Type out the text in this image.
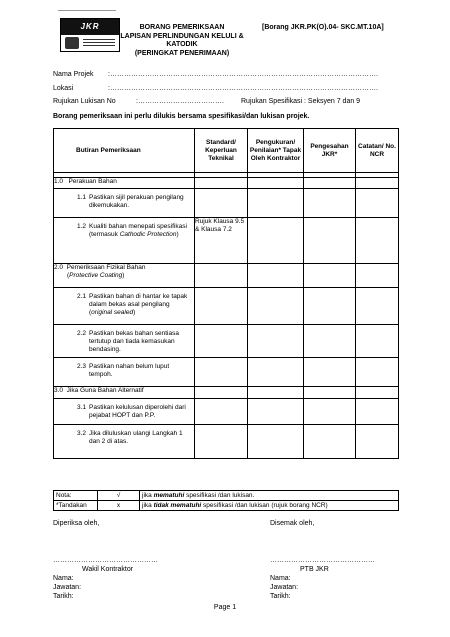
JKR	BORANG PEMERIKSAAN
LAPISAN PERLINDUNGAN KELULI &
KATODIK
(PERINGKAT PENERIMAAN)
[Borang JKR.PK(O).04- SKC.MT.10A]
Nama Projek :…………………………………………………………………………………………………….
Lokasi	:…………………………………………………………………………………………………….
Rujukan Lukisan No	:……………………………….	Rujukan Spesifikasi : Seksyen 7 dan 9
Borang pemeriksaan ini perlu dilukis bersama spesifikasi/dan lukisan projek.
Butiran Pemeriksaan	Standard/ Keperluan Teknikal	Pengukuran/ Penilaian* Tapak Oleh Kontraktor	Pengesahan JKR*	Catatan/ No. NCR

1.0 Perakuan Bahan				

1.1 Pastikan sijil perakuan pengilang dikemukakan.				

1.2 Kualiti bahan menepati spesifikasi (termasuk Cathodic Protection)	Rujuk Klausa 9.5 & Klausa 7.2			
2.0 Pemeriksaan Fizikal Bahan
(Protective Coating)				

2.1 Pastikan bahan di hantar ke tapak dalam bekas asal pengilang (original sealed)				

2.2 Pastikan bekas bahan sentiasa tertutup dan tiada kemasukan bendasing.				

2.3 Pastikan nahan belum luput tempoh.				

3.0 Jika Guna Bahan Alternatif				

3.1 Pastikan kelulusan diperolehi dari pejabat HOPT dan P.P.				

3.2 Jika diluluskan ulangi Langkah 1 dan 2 di atas.				

Nota:	√	jika mematuhi spesifikasi /dan lukisan.
*Tandakan	x	jika tidak mematuhi spesifikasi /dan lukisan (rujuk borang NCR)
Diperiksa oleh,	Disemak oleh,
………………………………………	………………………………………
Wakil Kontraktor	PTB JKR
Nama:
Jawatan:
Tarikh:
Nama:
Jawatan:
Tarikh:
Page 1
